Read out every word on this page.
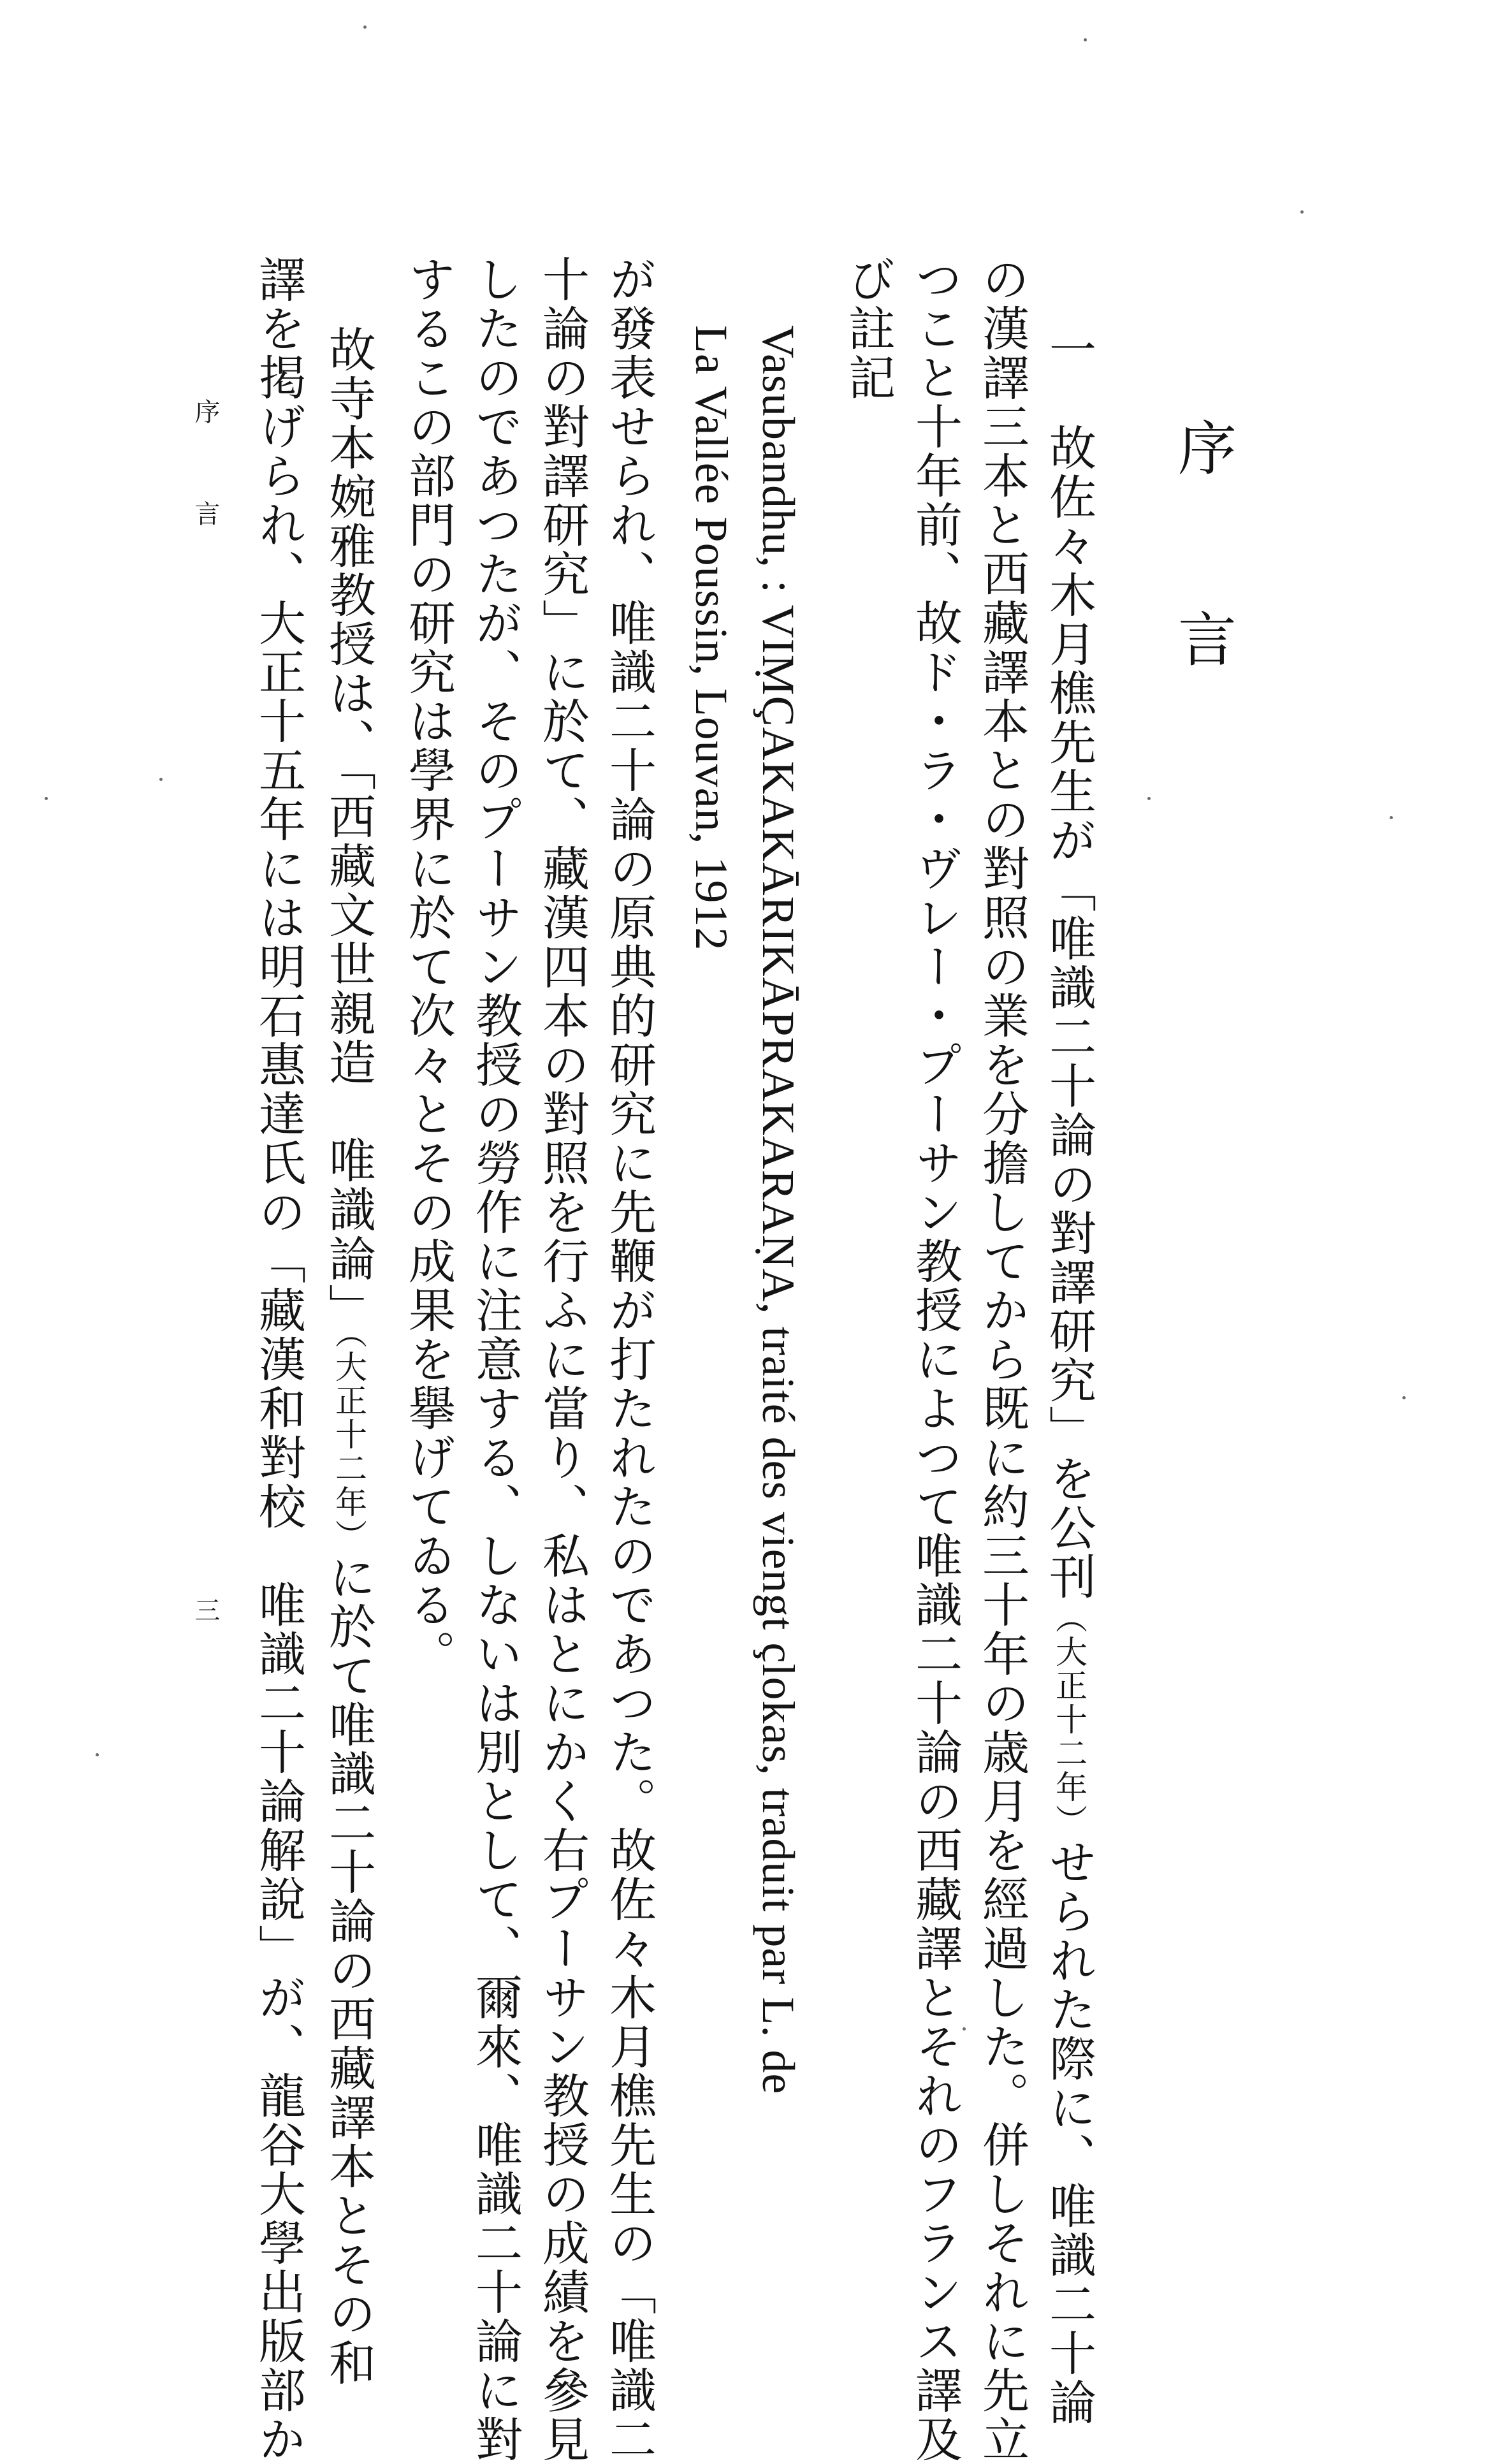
序
言
一　故佐々木月樵先生が「唯識二十論の對譯研究」を公刊（大正十二年）せられた際に、唯識二十論
の漢譯三本と西藏譯本との對照の業を分擔してから既に約三十年の歳月を經過した。併しそれに先立
つこと十年前、故ド・ラ・ヴレー・プーサン教授によつて唯識二十論の西藏譯とそれのフランス譯及
び註記
Vasubandhu, : VIṂÇAKAKĀRIKĀPRAKARAṆA, traité des viengt çlokas, traduit par L. de
La Vallée Poussin, Louvan, 1912
が發表せられ、唯識二十論の原典的研究に先鞭が打たれたのであつた。故佐々木月樵先生の「唯識二
十論の對譯研究」に於て、藏漢四本の對照を行ふに當り、私はとにかく右プーサン教授の成績を參見
したのであつたが、そのプーサン教授の勞作に注意する、しないは別として、爾來、唯識二十論に對
するこの部門の研究は學界に於て次々とその成果を擧げてゐる。
故寺本婉雅教授は、「西藏文世親造　唯識論」（大正十二年）に於て唯識二十論の西藏譯本とその和
譯を掲げられ、大正十五年には明石惠達氏の「藏漢和對校　唯識二十論解說」が、龍谷大學出版部か
序　　　言
三
